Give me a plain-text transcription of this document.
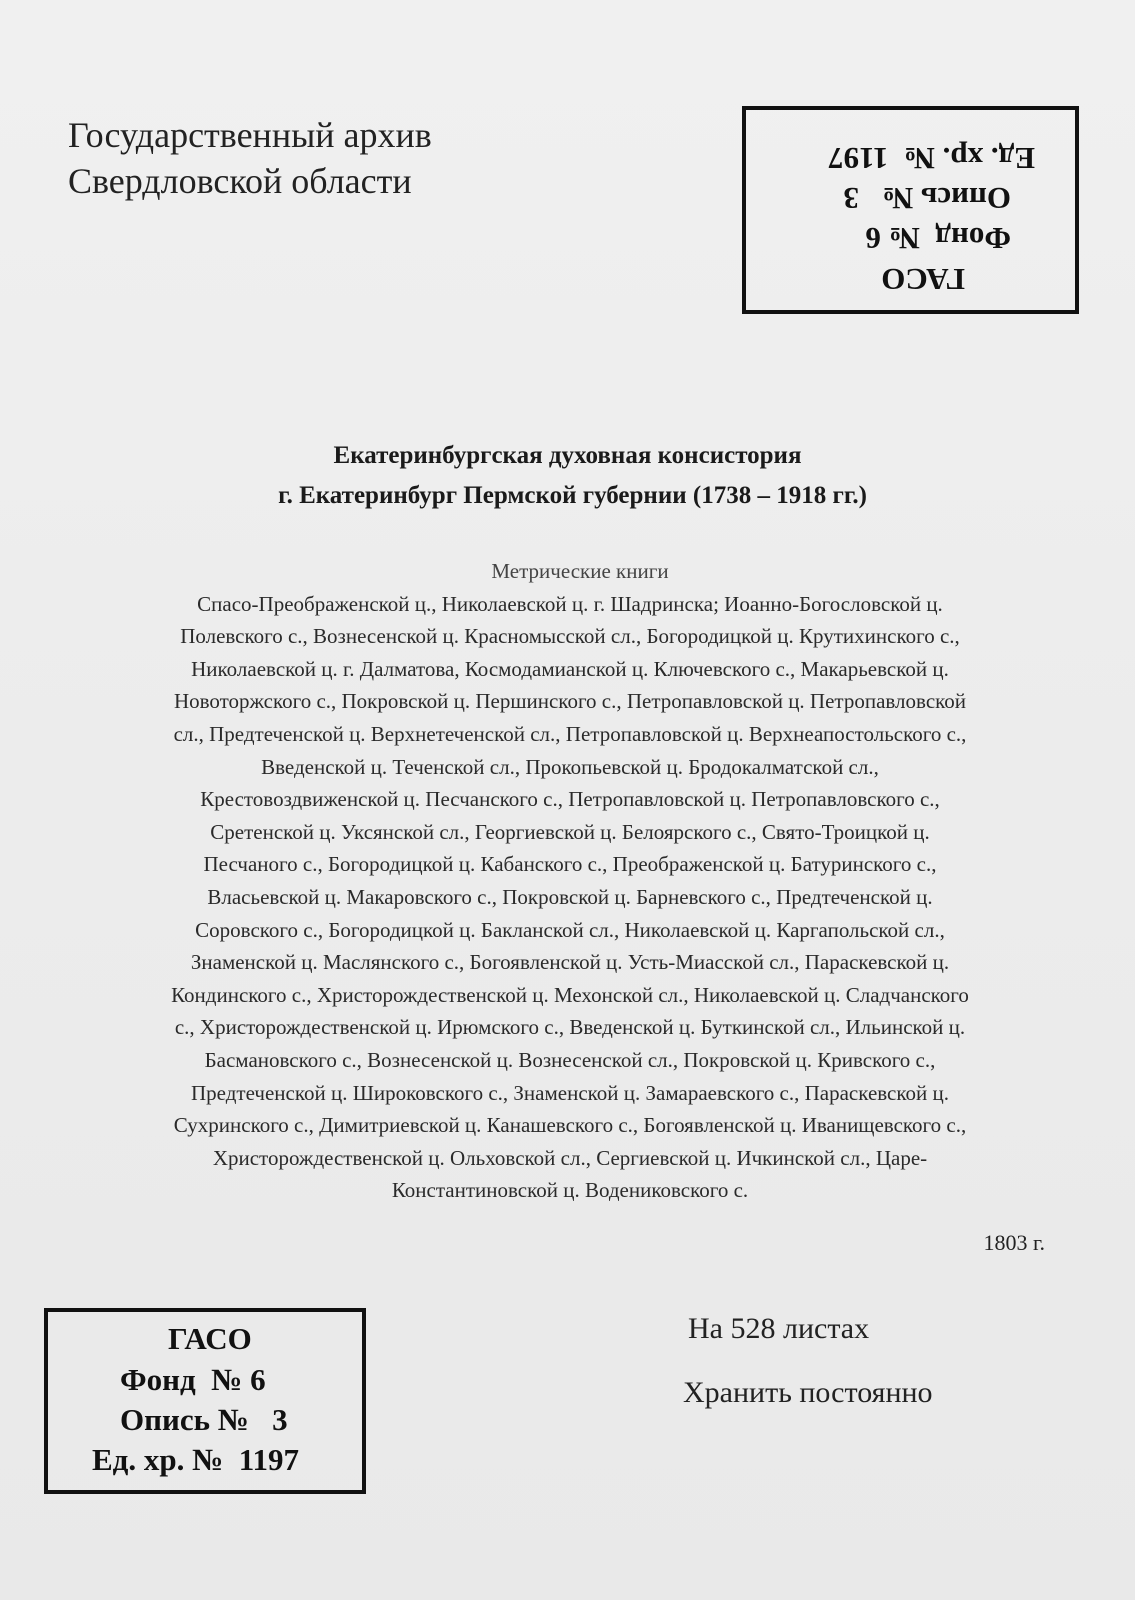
Государственный архив
Свердловской области
ГАСО
Фонд  № 6
Опись №   3
Ед. хр. №  1197
Екатеринбургская духовная консистория
г. Екатеринбург Пермской губернии (1738 – 1918 гг.)
Метрические книги
Спасо-Преображенской ц., Николаевской ц. г. Шадринска; Иоанно-Богословской ц.
Полевского с., Вознесенской ц. Красномысской сл., Богородицкой ц. Крутихинского с.,
Николаевской ц. г. Далматова, Космодамианской ц. Ключевского с., Макарьевской ц.
Новоторжского с., Покровской ц. Першинского с., Петропавловской ц. Петропавловской
сл., Предтеченской ц. Верхнетеченской сл., Петропавловской ц. Верхнеапостольского с.,
Введенской ц. Теченской сл., Прокопьевской ц. Бродокалматской сл.,
Крестовоздвиженской ц. Песчанского с., Петропавловской ц. Петропавловского с.,
Сретенской ц. Уксянской сл., Георгиевской ц. Белоярского с., Свято-Троицкой ц.
Песчаного с., Богородицкой ц. Кабанского с., Преображенской ц. Батуринского с.,
Власьевской ц. Макаровского с., Покровской ц. Барневского с., Предтеченской ц.
Соровского с., Богородицкой ц. Бакланской сл., Николаевской ц. Каргапольской сл.,
Знаменской ц. Маслянского с., Богоявленской ц. Усть-Миасской сл., Параскевской ц.
Кондинского с., Христорождественской ц. Мехонской сл., Николаевской ц. Сладчанского
с., Христорождественской ц. Ирюмского с., Введенской ц. Буткинской сл., Ильинской ц.
Басмановского с., Вознесенской ц. Вознесенской сл., Покровской ц. Кривского с.,
Предтеченской ц. Широковского с., Знаменской ц. Замараевского с., Параскевской ц.
Сухринского с., Димитриевской ц. Канашевского с., Богоявленской ц. Иванищевского с.,
Христорождественской ц. Ольховской сл., Сергиевской ц. Ичкинской сл., Царе-
Константиновской ц. Водениковского с.
1803 г.
ГАСО
Фонд № 6
Опись № 3
Ед. хр. № 1197
На 528 листах
Хранить постоянно
